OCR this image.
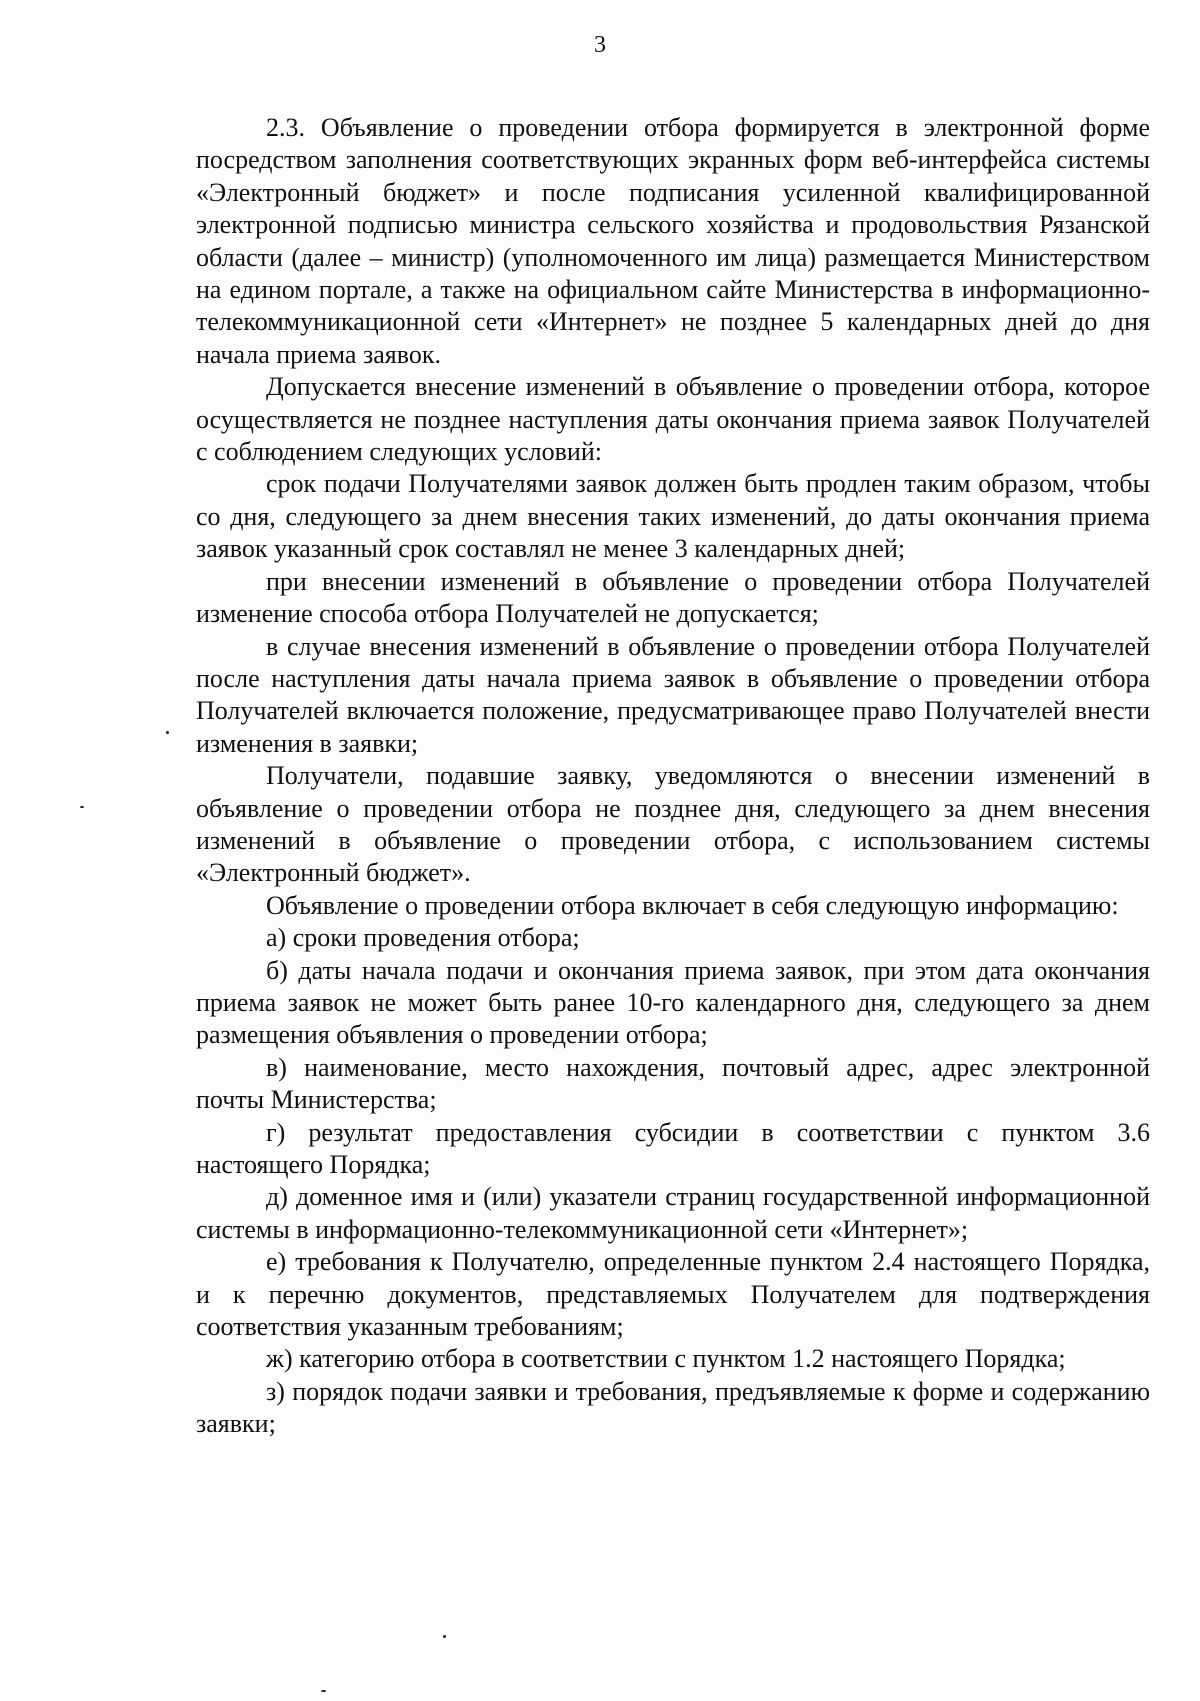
3

2.3. Объявление о проведении отбора формируется в электронной форме посредством заполнения соответствующих экранных форм веб-интерфейса системы «Электронный бюджет» и после подписания усиленной квалифицированной электронной подписью министра сельского хозяйства и продовольствия Рязанской области (далее – министр) (уполномоченного им лица) размещается Министерством на едином портале, а также на официальном сайте Министерства в информационно-телекоммуникационной сети «Интернет» не позднее 5 календарных дней до дня начала приема заявок.

Допускается внесение изменений в объявление о проведении отбора, которое осуществляется не позднее наступления даты окончания приема заявок Получателей с соблюдением следующих условий:

срок подачи Получателями заявок должен быть продлен таким образом, чтобы со дня, следующего за днем внесения таких изменений, до даты окончания приема заявок указанный срок составлял не менее 3 календарных дней;

при внесении изменений в объявление о проведении отбора Получателей изменение способа отбора Получателей не допускается;

в случае внесения изменений в объявление о проведении отбора Получателей после наступления даты начала приема заявок в объявление о проведении отбора Получателей включается положение, предусматривающее право Получателей внести изменения в заявки;

Получатели, подавшие заявку, уведомляются о внесении изменений в объявление о проведении отбора не позднее дня, следующего за днем внесения изменений в объявление о проведении отбора, с использованием системы «Электронный бюджет».

Объявление о проведении отбора включает в себя следующую информацию:

а) сроки проведения отбора;

б) даты начала подачи и окончания приема заявок, при этом дата окончания приема заявок не может быть ранее 10-го календарного дня, следующего за днем размещения объявления о проведении отбора;

в) наименование, место нахождения, почтовый адрес, адрес электронной почты Министерства;

г) результат предоставления субсидии в соответствии с пунктом 3.6 настоящего Порядка;

д) доменное имя и (или) указатели страниц государственной информационной системы в информационно-телекоммуникационной сети «Интернет»;

е) требования к Получателю, определенные пунктом 2.4 настоящего Порядка, и к перечню документов, представляемых Получателем для подтверждения соответствия указанным требованиям;

ж) категорию отбора в соответствии с пунктом 1.2 настоящего Порядка;

з) порядок подачи заявки и требования, предъявляемые к форме и содержанию заявки;
